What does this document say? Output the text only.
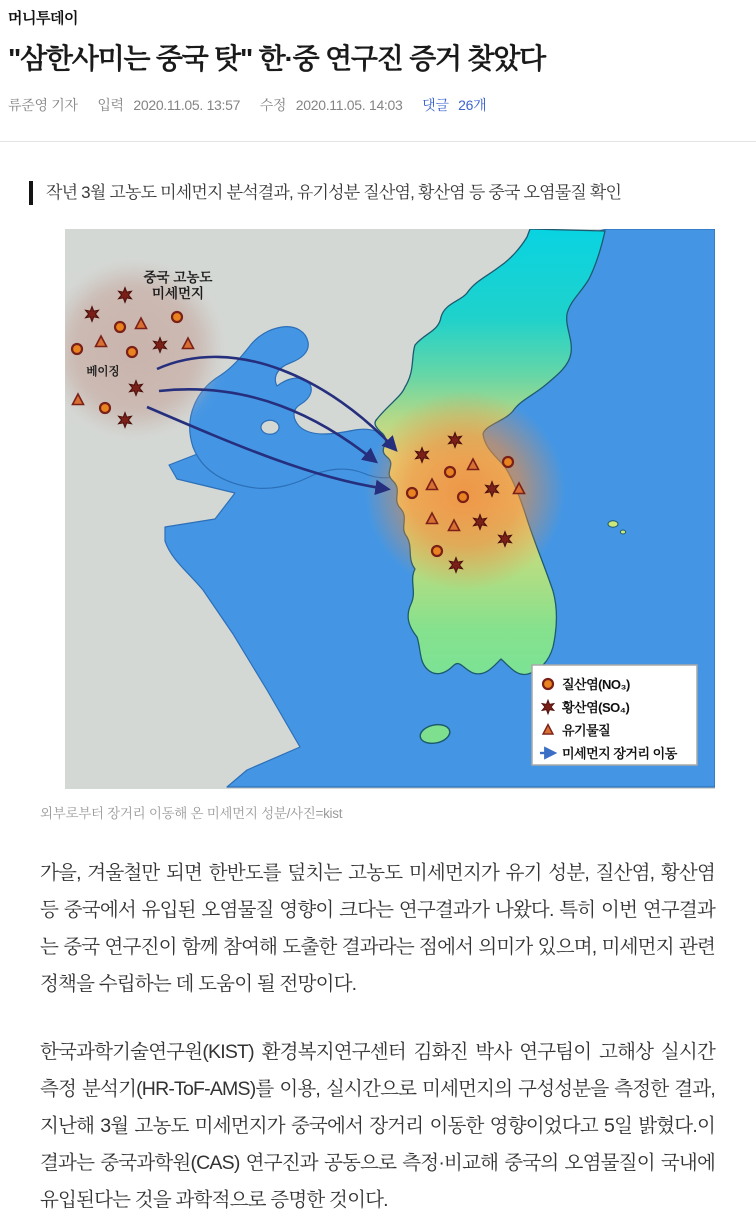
머니투데이
"삼한사미는 중국 탓" 한·중 연구진 증거 찾았다
류준영 기자 입력 2020.11.05. 13:57 수정 2020.11.05. 14:03 댓글 26개
작년 3월 고농도 미세먼지 분석결과, 유기성분 질산염, 황산염 등 중국 오염물질 확인
중국 고농도
미세먼지
베이징
질산염(NO₃)
황산염(SO₄)
유기물질
미세먼지 장거리 이동
외부로부터 장거리 이동해 온 미세먼지 성분/사진=kist

가을, 겨울철만 되면 한반도를 덮치는 고농도 미세먼지가 유기 성분, 질산염, 황산염 등 중국에서 유입된 오염물질 영향이 크다는 연구결과가 나왔다. 특히 이번 연구결과는 중국 연구진이 함께 참여해 도출한 결과라는 점에서 의미가 있으며, 미세먼지 관련 정책을 수립하는 데 도움이 될 전망이다.

한국과학기술연구원(KIST) 환경복지연구센터 김화진 박사 연구팀이 고해상 실시간 측정 분석기(HR-ToF-AMS)를 이용, 실시간으로 미세먼지의 구성성분을 측정한 결과, 지난해 3월 고농도 미세먼지가 중국에서 장거리 이동한 영향이었다고 5일 밝혔다.이 결과는 중국과학원(CAS) 연구진과 공동으로 측정·비교해 중국의 오염물질이 국내에 유입된다는 것을 과학적으로 증명한 것이다.
